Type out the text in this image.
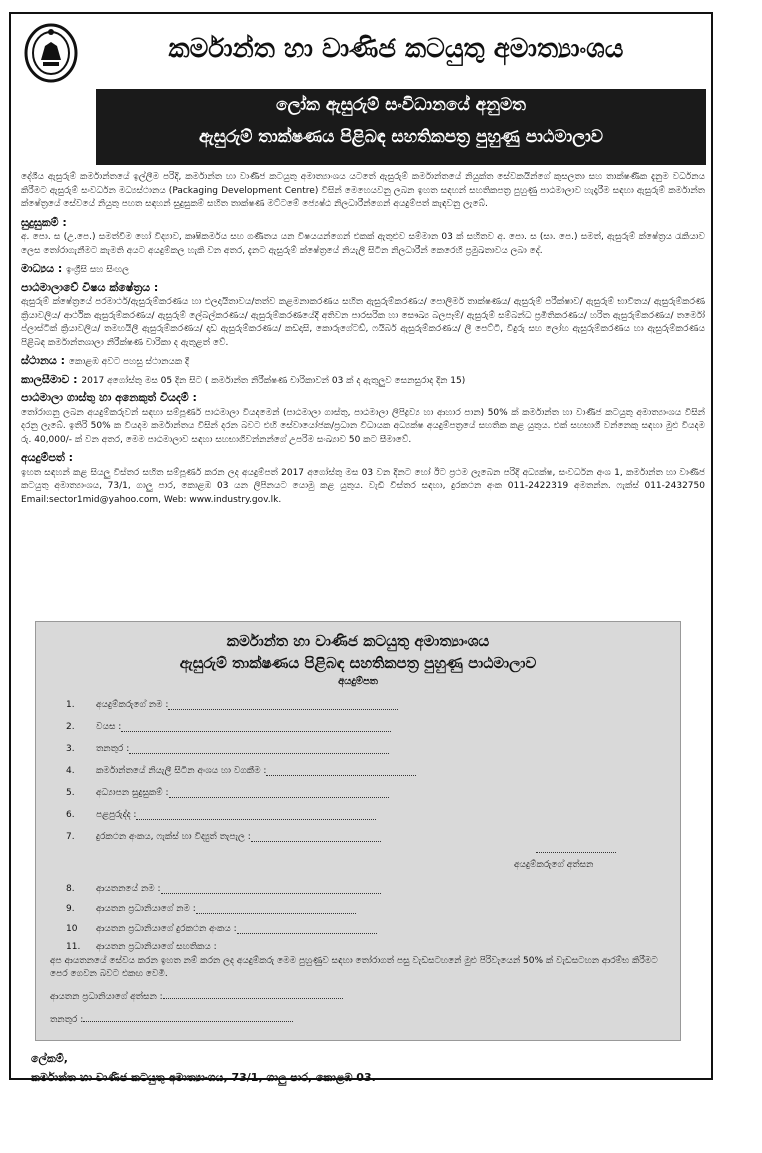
කර්මාන්ත හා වාණිජ කටයුතු අමාත්‍යාංශය
ලෝක ඇසුරුම් සංවිධානයේ අනුමත
ඇසුරුම් තාක්ෂණය පිළිබඳ සහතිකපත්‍ර පුහුණු පාඨමාලාව

දේශීය ඇසුරුම් කර්මාන්තයේ ඉල්ලීම පරිදි, කර්මාන්ත හා වාණිජ කටයුතු අමාත්‍යාංශය යටතේ ඇසුරුම් කර්මාන්තයේ නියුක්ත සේවකයින්ගේ කුසලතා සහ තාක්ෂණික දැනුම වර්ධනය කිරීමට ඇසුරුම් සංවර්ධන මධ්‍යස්ථානය (Packaging Development Centre) විසින් මෙහෙයවනු ලබන ඉහත සඳහන් සහතිකපත්‍ර පුහුණු පාඨමාලාව හැදෑරීම සඳහා ඇසුරුම් කර්මාන්ත ක්ෂේත්‍රයේ සේවයේ නියුතු පහත සඳහන් සුදුසුකම් සහිත තාක්ෂණ මට්ටමේ ජ්‍යෙෂ්ඨ නිලධාරීන්ගෙන් අයදුම්පත් කැඳවනු ලැබේ.

සුදුසුකම් :

අ. පො. ස (උ.පෙ.) සමත්වීම හෝ විද්‍යාව, කෘෂිකර්මය සහ ගණිතය යන විෂයයන්ගෙන් එකක් ඇතුළුව සම්මාන 03 ක් සහිතව අ. පො. ස (සා. පෙ.) සමත්, ඇසුරුම් ක්ෂේත්‍රය රැකියාව ලෙස තෝරාගැනීමට කැමති අයට අයදුම්කල හැකි වන අතර, දැනට ඇසුරුම් ක්ෂේත්‍රයේ නියැලී සිටින නිලධාරීන් කෙරෙහි ප්‍රමුඛතාවය ලබා දේ.

මාධ්‍යය : ඉංග්‍රීසි සහ සිංහල
පාඨමාලාවේ විෂය ක්ෂේත්‍රය :

ඇසුරුම් ක්ෂේත්‍රයේ පරමාර්ථ/ඇසුරුම්කරණය හා එලදායිතාවය/තත්ව කළමනාකරණය සහිත ඇසුරුම්කරණය/ පොලිමර් තාක්ෂණය/ ඇසුරුම් පරීක්ෂාව/ ඇසුරුම් භාවිතය/ ඇසුරුම්කරණ ක්‍රියාවලිය/ ආර්ථික ඇසුරුම්කරණය/ ඇසුරුම් ලේබල්කරණය/ ඇසුරුම්කරණයේදී අතිවන පාරසරික හා සෞඛ්‍ය බලපෑම්/ ඇසුරුම් සම්බන්ධ ප්‍රමිතිකරණය/ හරිත ඇසුරුම්කරණය/ තර්මෝ ප්ලාස්ටික් ක්‍රියාවලිය/ තමහයිලී ඇසුරුම්කරණය/ දෘඩ ඇසුරුම්කරණය/ කඩදාසි, කොරුගේටඩ්, ෆයිබර් ඇසුරුම්කරණය/ ලී පෙට්ටි, වීදුරු සහ ලෝහ ඇසුරුම්කරණය හා ඇසුරුම්කරණය පිළිබඳ කර්මාන්තශාලා නිරීක්ෂණ චාරිකා ද ඇතුළත් වේ.

ස්ථානය : කොළඹ අවට පහසු ස්ථානයක දී
කාලසීමාව : 2017 අගෝස්තු මස 05 දින සිට ( කර්මාන්ත නිරීක්ෂණ චාරිකාවන් 03 ක් ද ඇතුලුව සෙනසුරාද දින 15)
පාඨමාලා ගාස්තු හා අනෙකුත් වියදම් :

තෝරාගනු ලබන අයදුම්කරුවන් සඳහා සම්පූර්ණ පාඨමාලා වියදමෙන් (පාඨමාලා ගාස්තු, පාඨමාලා ලිපිද්‍රව්‍ය හා ආහාර පාන) 50% ක් කර්මාන්ත හා වාණිජ කටයුතු අමාත්‍යාංශය විසින් දරනු ලැබේ. ඉතිරි 50% ක වියදම කර්මාන්තය විසින් දරන බවට එහි සේවායෝජක/ප්‍රධාන විධායක අධ්‍යක්ෂ අයදුම්පත්‍රයේ සහතික කළ යුතුය. එක් සහභාගී වන්නෙකු සඳහා මුළු වියදම රු. 40,000/- ක් වන අතර, මෙම පාඨමාලාව සඳහා සහභාගිවන්නන්ගේ උපරිම සංඛ්‍යාව 50 කට සීමාවේ.

අයදුම්පත් :

ඉහත සඳහන් කළ සියලු විස්තර සහිත සම්පූර්ණ කරන ලද අයදුම්පත් 2017 අගෝස්තු මස 03 වන දිනට හෝ ඊට ප්‍රථම ලැබෙන පරිදි අධ්‍යක්ෂ, සංවර්ධන අංශ 1, කර්මාන්ත හා වාණිජ කටයුතු අමාත්‍යාංශය, 73/1, ගාලු පාර, කොළඹ 03 යන ලිපිනයට යොමු කළ යුතුය. වැඩි විස්තර සඳහා, දුරකථන අංක 011-2422319 අමතන්න. ෆැක්ස් 011-2432750 Email:sector1mid@yahoo.com, Web: www.industry.gov.lk.

කර්මාන්ත හා වාණිජ කටයුතු අමාත්‍යාංශය
ඇසුරුම් තාක්ෂණය පිළිබඳ සහතිකපත්‍ර පුහුණු පාඨමාලාව
අයදුම්පත
1. අයදුම්කරුගේ නම :
2. වයස :
3. තනතුර :
4. කර්මාන්තයේ නියැලී සිටින අංශය හා වගකීම :
5. අධ්‍යාපන සුදුසුකම් :
6. පළපුරුද්ද :
7. දුරකථන අංකය, ෆැක්ස් හා විද්‍යුත් තැපැල :
අයදුම්කරුගේ අත්සන
8. ආයතනයේ නම :
9. ආයතන ප්‍රධානියාගේ නම :
10 ආයතන ප්‍රධානියාගේ දුරකථන අංකය :
11. ආයතන ප්‍රධානියාගේ සහතිකය :
අප ආයතනයේ සේවය කරන ඉහත නම් කරන ලද අයදුම්කරු මෙම පුහුණුව සඳහා තෝරාගත් පසු වැඩසටහනේ මුළු පිරිවැයෙන් 50% ක් වැඩසටහන ආරම්භ කිරීමට පෙර ගෙවන බවට එකඟ වෙමි.
ආයතන ප්‍රධානියාගේ අත්සන :
තනතුර :
ලේකම්,
කර්මාන්ත හා වාණිජ කටයුතු අමාත්‍යාංශය, 73/1, ගාලු පාර, කොළඹ 03.
